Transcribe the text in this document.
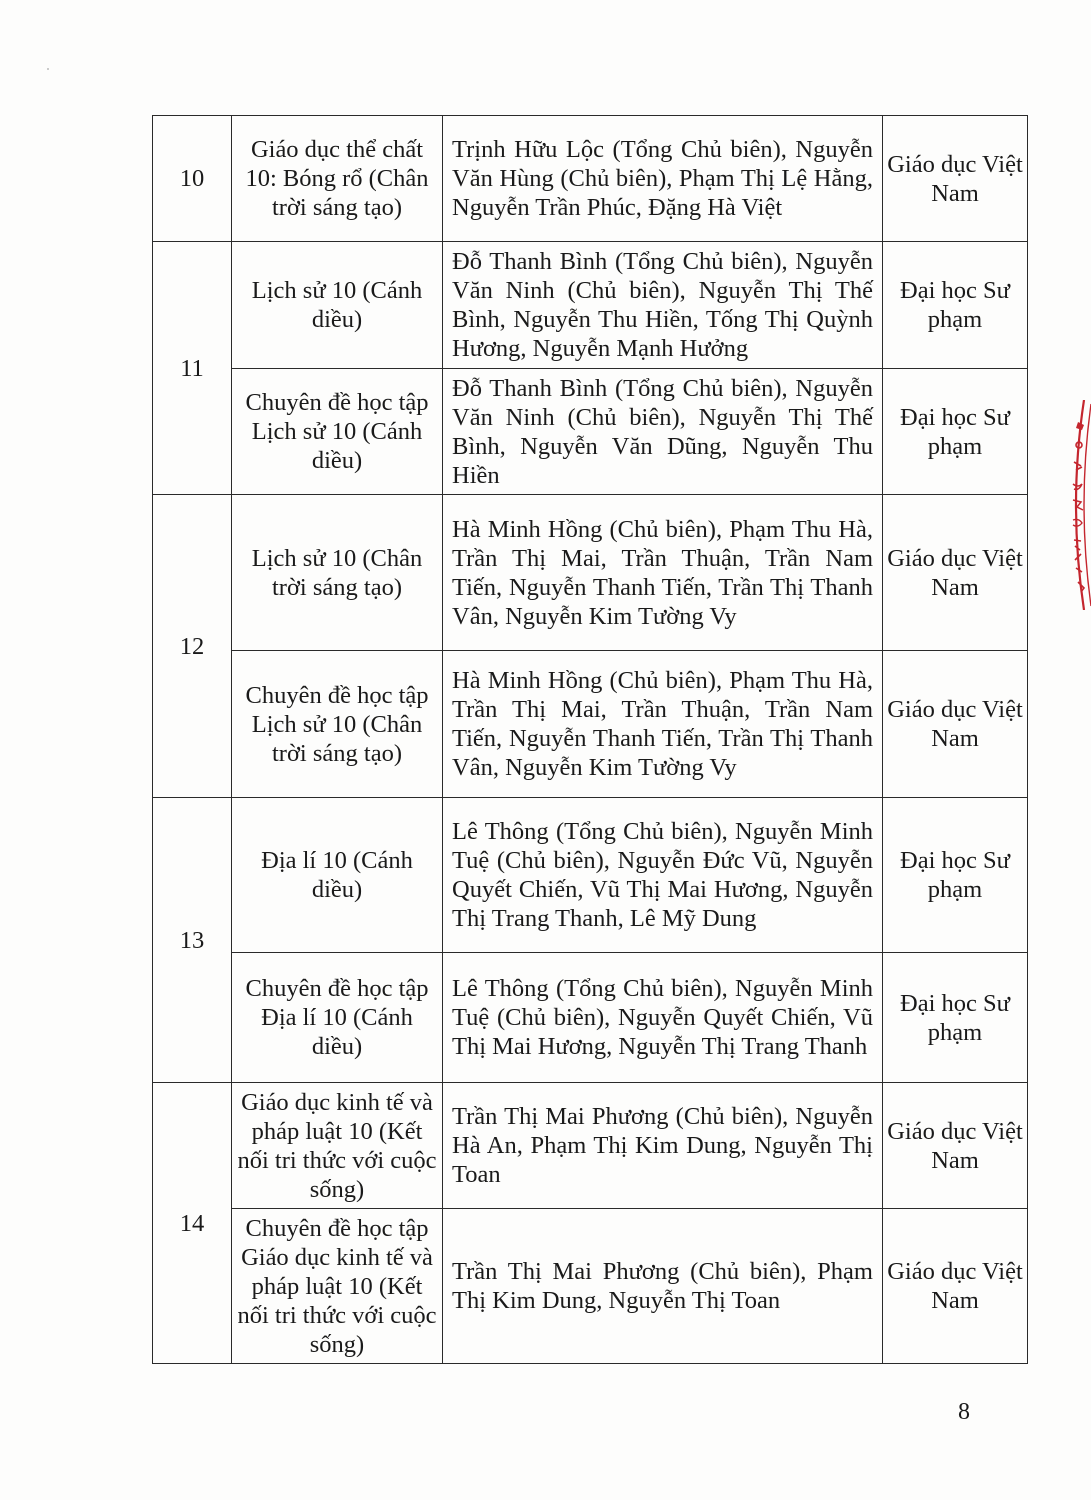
10	Giáo dục thể chất 10: Bóng rổ (Chân trời sáng tạo)	Trịnh Hữu Lộc (Tổng Chủ biên), Nguyễn Văn Hùng (Chủ biên), Phạm Thị Lệ Hằng, Nguyễn Trần Phúc, Đặng Hà Việt	Giáo dục Việt Nam
11	Lịch sử 10 (Cánh diều)	Đỗ Thanh Bình (Tổng Chủ biên), Nguyễn Văn Ninh (Chủ biên), Nguyễn Thị Thế Bình, Nguyễn Thu Hiền, Tống Thị Quỳnh Hương, Nguyễn Mạnh Hưởng	Đại học Sư phạm
	Chuyên đề học tập Lịch sử 10 (Cánh diều)	Đỗ Thanh Bình (Tổng Chủ biên), Nguyễn Văn Ninh (Chủ biên), Nguyễn Thị Thế Bình, Nguyễn Văn Dũng, Nguyễn Thu Hiền	Đại học Sư phạm
12	Lịch sử 10 (Chân trời sáng tạo)	Hà Minh Hồng (Chủ biên), Phạm Thu Hà, Trần Thị Mai, Trần Thuận, Trần Nam Tiến, Nguyễn Thanh Tiến, Trần Thị Thanh Vân, Nguyễn Kim Tường Vy	Giáo dục Việt Nam
	Chuyên đề học tập Lịch sử 10 (Chân trời sáng tạo)	Hà Minh Hồng (Chủ biên), Phạm Thu Hà, Trần Thị Mai, Trần Thuận, Trần Nam Tiến, Nguyễn Thanh Tiến, Trần Thị Thanh Vân, Nguyễn Kim Tường Vy	Giáo dục Việt Nam
13	Địa lí 10 (Cánh diều)	Lê Thông (Tổng Chủ biên), Nguyễn Minh Tuệ (Chủ biên), Nguyễn Đức Vũ, Nguyễn Quyết Chiến, Vũ Thị Mai Hương, Nguyễn Thị Trang Thanh, Lê Mỹ Dung	Đại học Sư phạm
	Chuyên đề học tập Địa lí 10 (Cánh diều)	Lê Thông (Tổng Chủ biên), Nguyễn Minh Tuệ (Chủ biên), Nguyễn Quyết Chiến, Vũ Thị Mai Hương, Nguyễn Thị Trang Thanh	Đại học Sư phạm
14	Giáo dục kinh tế và pháp luật 10 (Kết nối tri thức với cuộc sống)	Trần Thị Mai Phương (Chủ biên), Nguyễn Hà An, Phạm Thị Kim Dung, Nguyễn Thị Toan	Giáo dục Việt Nam
	Chuyên đề học tập Giáo dục kinh tế và pháp luật 10 (Kết nối tri thức với cuộc sống)	Trần Thị Mai Phương (Chủ biên), Phạm Thị Kim Dung, Nguyễn Thị Toan	Giáo dục Việt Nam
8
